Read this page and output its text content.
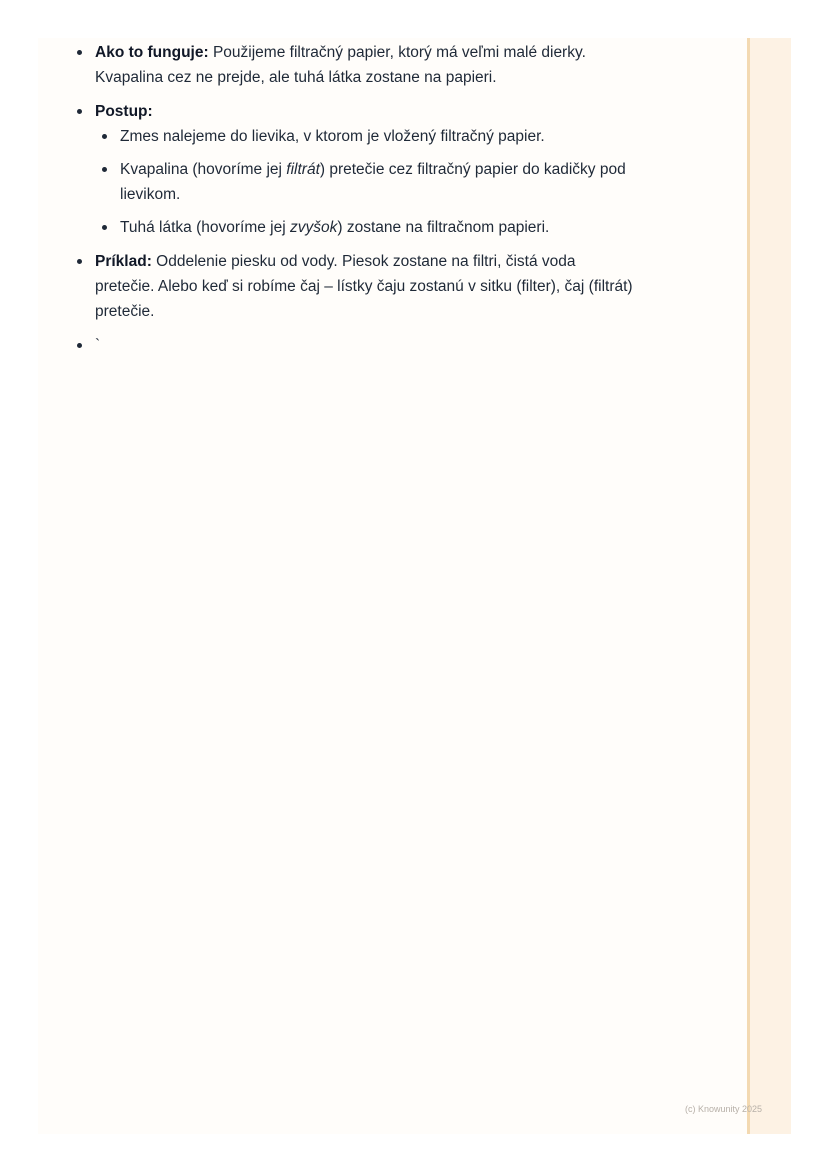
Ako to funguje: Použijeme filtračný papier, ktorý má veľmi malé dierky. Kvapalina cez ne prejde, ale tuhá látka zostane na papieri.
Postup:
Zmes nalejeme do lievika, v ktorom je vložený filtračný papier.
Kvapalina (hovoríme jej filtrát) pretečie cez filtračný papier do kadičky pod lievikom.
Tuhá látka (hovoríme jej zvyšok) zostane na filtračnom papieri.
Príklad: Oddelenie piesku od vody. Piesok zostane na filtri, čistá voda pretečie. Alebo keď si robíme čaj – lístky čaju zostanú v sitku (filter), čaj (filtrát) pretečie.
`
(c) Knowunity 2025
